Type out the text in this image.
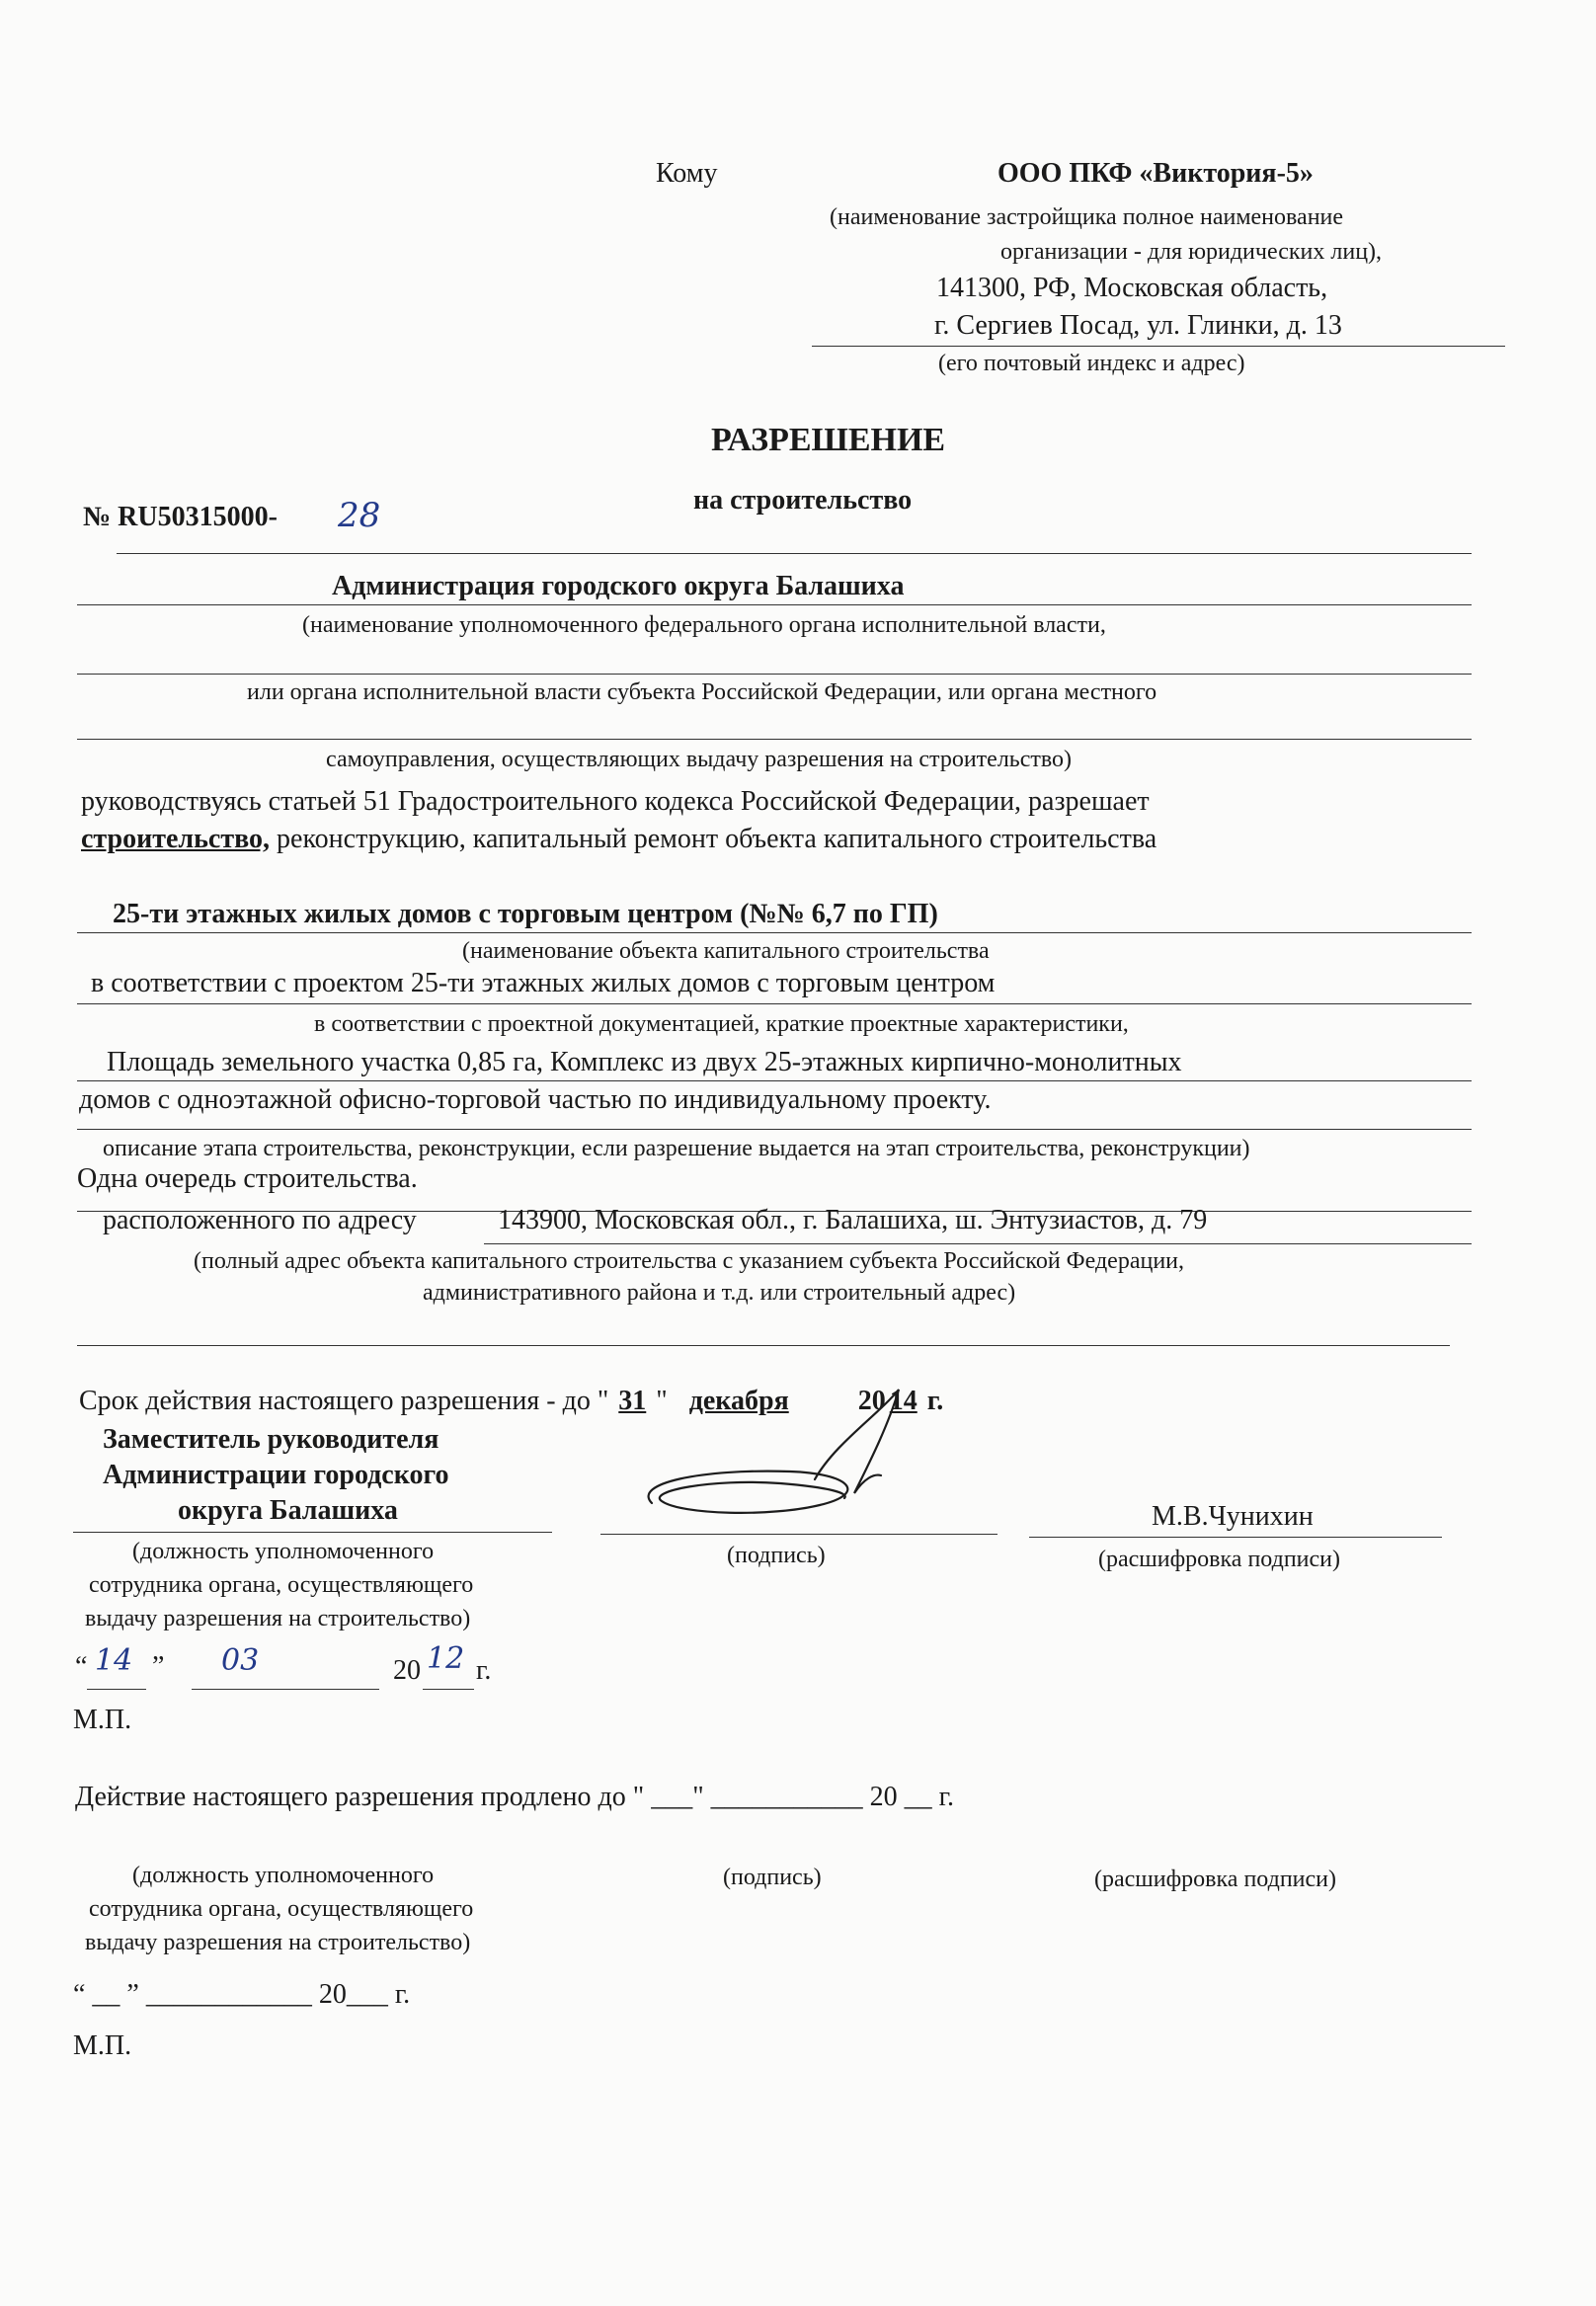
Кому	ООО ПКФ «Виктория-5»
(наименование застройщика полное наименование
организации - для юридических лиц),
141300, РФ, Московская область,
г. Сергиев Посад, ул. Глинки, д. 13
(его почтовый индекс и адрес)
РАЗРЕШЕНИЕ
на строительство
№ RU50315000- 28
Администрация городского округа Балашиха
(наименование уполномоченного федерального органа исполнительной власти,
или органа исполнительной власти субъекта Российской Федерации, или органа местного
самоуправления, осуществляющих выдачу разрешения на строительство)
руководствуясь статьей 51 Градостроительного кодекса Российской Федерации, разрешает
строительство, реконструкцию, капитальный ремонт объекта капитального строительства
25-ти этажных жилых домов с торговым центром (№№ 6,7 по ГП)
(наименование объекта капитального строительства
в соответствии с проектом 25-ти этажных жилых домов с торговым центром
в соответствии с проектной документацией, краткие проектные характеристики,
Площадь земельного участка 0,85 га, Комплекс из двух 25-этажных кирпично-монолитных
домов с одноэтажной офисно-торговой частью по индивидуальному проекту.
описание этапа строительства, реконструкции, если разрешение выдается на этап строительства, реконструкции)
Одна очередь строительства.
расположенного по адресу	143900, Московская обл., г. Балашиха, ш. Энтузиастов, д. 79
(полный адрес объекта капитального строительства с указанием субъекта Российской Федерации,
административного района и т.д. или строительный адрес)
Срок действия настоящего разрешения - до " 31 " декабря	20 14 г.
Заместитель руководителя
Администрации городского
округа Балашиха	М.В.Чунихин
(должность уполномоченного
сотрудника органа, осуществляющего
выдачу разрешения на строительство)
(подпись)	(расшифровка подписи)
“ 14 ” 03	20 12 г.
М.П.
Действие настоящего разрешения продлено до " ___" ___________ 20 __ г.
(должность уполномоченного
сотрудника органа, осуществляющего
выдачу разрешения на строительство)
(подпись)	(расшифровка подписи)
“ __ ” ____________ 20___ г.
М.П.
